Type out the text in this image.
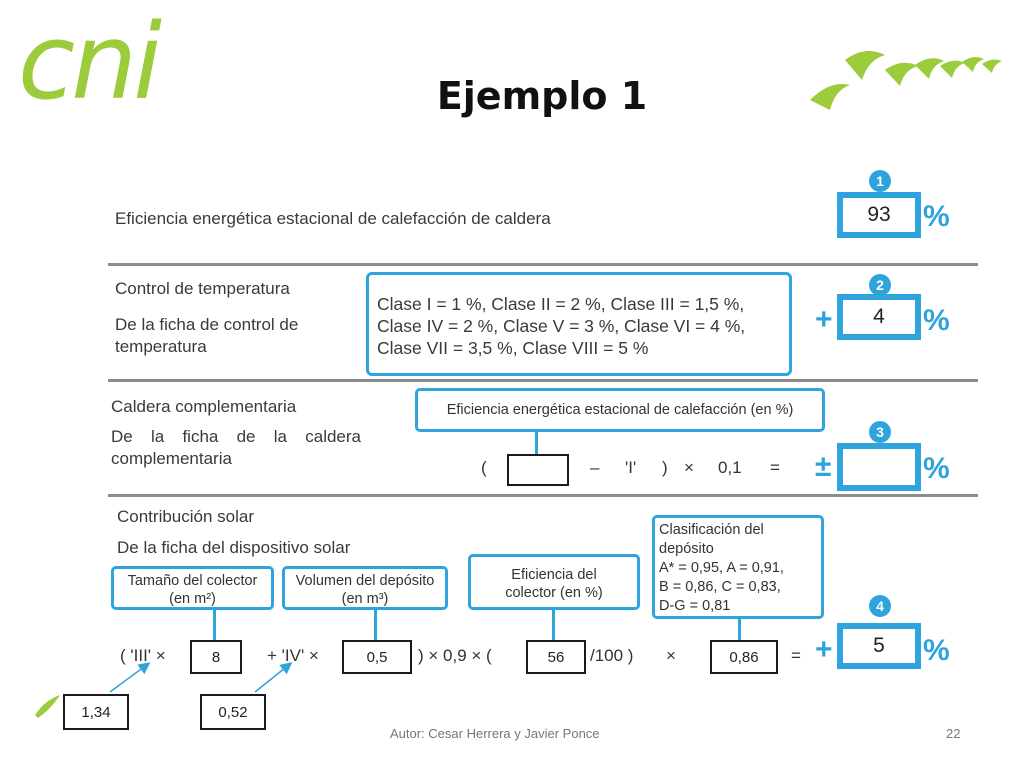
cni	Ejemplo 1
Eficiencia energética estacional de calefacción de caldera
1
93	%
Control de temperatura
De la ficha de control de
temperatura
Clase I = 1 %, Clase II = 2 %, Clase III = 1,5 %,
Clase IV = 2 %, Clase V = 3 %, Clase VI = 4 %,
Clase VII = 3,5 %, Clase VIII = 5 %
2
+	4	%
Caldera complementaria
De la ficha de la caldera
complementaria
Eficiencia energética estacional de calefacción (en %)
(	– 'I' ) × 0,1 =
3
±	%
Contribución solar
De la ficha del dispositivo solar
Tamaño del colector
(en m²)
Volumen del depósito
(en m³)
Eficiencia del
colector (en %)
Clasificación del
depósito
A* = 0,95, A = 0,91,
B = 0,86, C = 0,83,
D-G = 0,81
( 'III' ×	8	+ 'IV' ×	0,5	) × 0,9 × (	56	/100 ) ×	0,86	=
4
+	5	%
1,34	0,52
Autor: Cesar Herrera y Javier Ponce	22
